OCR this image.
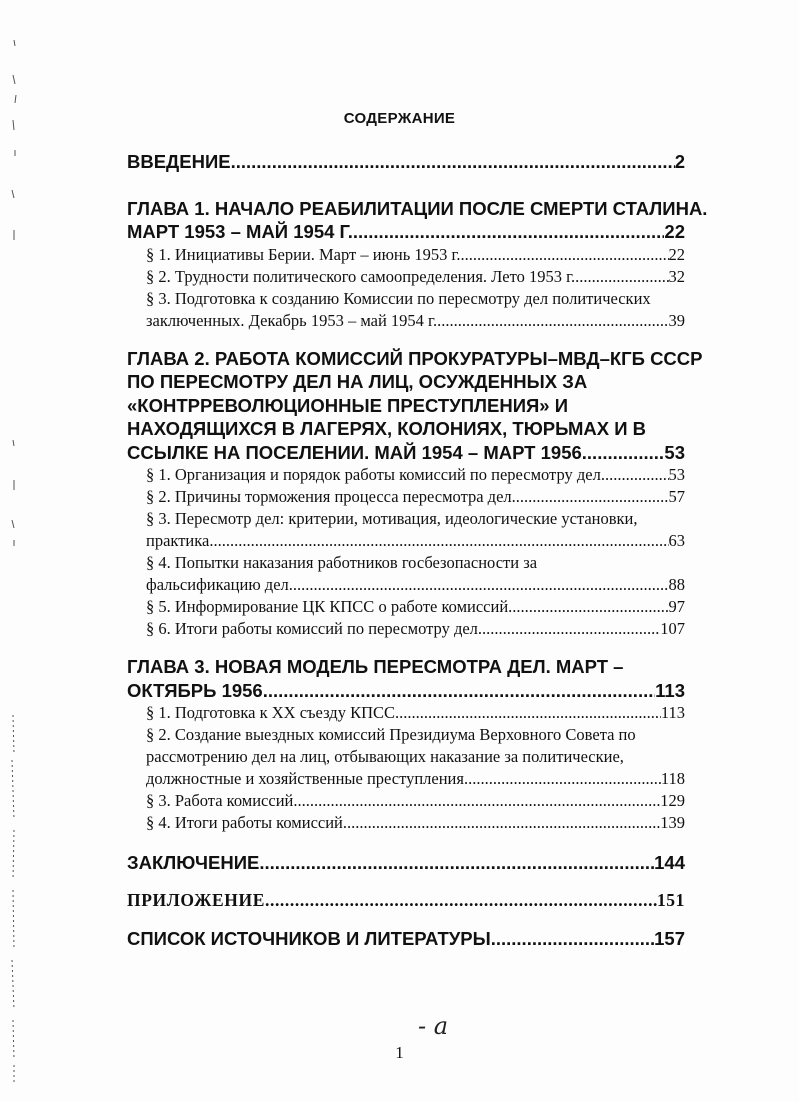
СОДЕРЖАНИЕ
ВВЕДЕНИЕ .....	2
ГЛАВА 1. НАЧАЛО РЕАБИЛИТАЦИИ ПОСЛЕ СМЕРТИ СТАЛИНА.
МАРТ 1953 – МАЙ 1954 Г. .....	22
§ 1. Инициативы Берии. Март – июнь 1953 г. .....	22
§ 2. Трудности политического самоопределения. Лето 1953 г. .....	32
§ 3. Подготовка к созданию Комиссии по пересмотру дел политических
заключенных. Декабрь 1953 – май 1954 г. .....	39
ГЛАВА 2. РАБОТА КОМИССИЙ ПРОКУРАТУРЫ–МВД–КГБ СССР
ПО ПЕРЕСМОТРУ ДЕЛ НА ЛИЦ, ОСУЖДЕННЫХ ЗА
«КОНТРРЕВОЛЮЦИОННЫЕ ПРЕСТУПЛЕНИЯ» И
НАХОДЯЩИХСЯ В ЛАГЕРЯХ, КОЛОНИЯХ, ТЮРЬМАХ И В
ССЫЛКЕ НА ПОСЕЛЕНИИ. МАЙ 1954 – МАРТ 1956. .....	53
§ 1. Организация и порядок работы комиссий по пересмотру дел .....	53
§ 2. Причины торможения процесса пересмотра дел. .....	57
§ 3. Пересмотр дел: критерии, мотивация, идеологические установки,
практика. .....	63
§ 4. Попытки наказания работников госбезопасности за
фальсификацию дел .....	88
§ 5. Информирование ЦК КПСС о работе комиссий .....	97
§ 6. Итоги работы комиссий по пересмотру дел. .....	107
ГЛАВА 3. НОВАЯ МОДЕЛЬ ПЕРЕСМОТРА ДЕЛ. МАРТ –
ОКТЯБРЬ 1956. .....	113
§ 1. Подготовка к XX съезду КПСС. .....	113
§ 2. Создание выездных комиссий Президиума Верховного Совета по
рассмотрению дел на лиц, отбывающих наказание за политические,
должностные и хозяйственные преступления. .....	118
§ 3. Работа комиссий. .....	129
§ 4. Итоги работы комиссий .....	139
ЗАКЛЮЧЕНИЕ. .....	144
ПРИЛОЖЕНИЕ. .....	151
СПИСОК ИСТОЧНИКОВ И ЛИТЕРАТУРЫ .....	157
- a
1
